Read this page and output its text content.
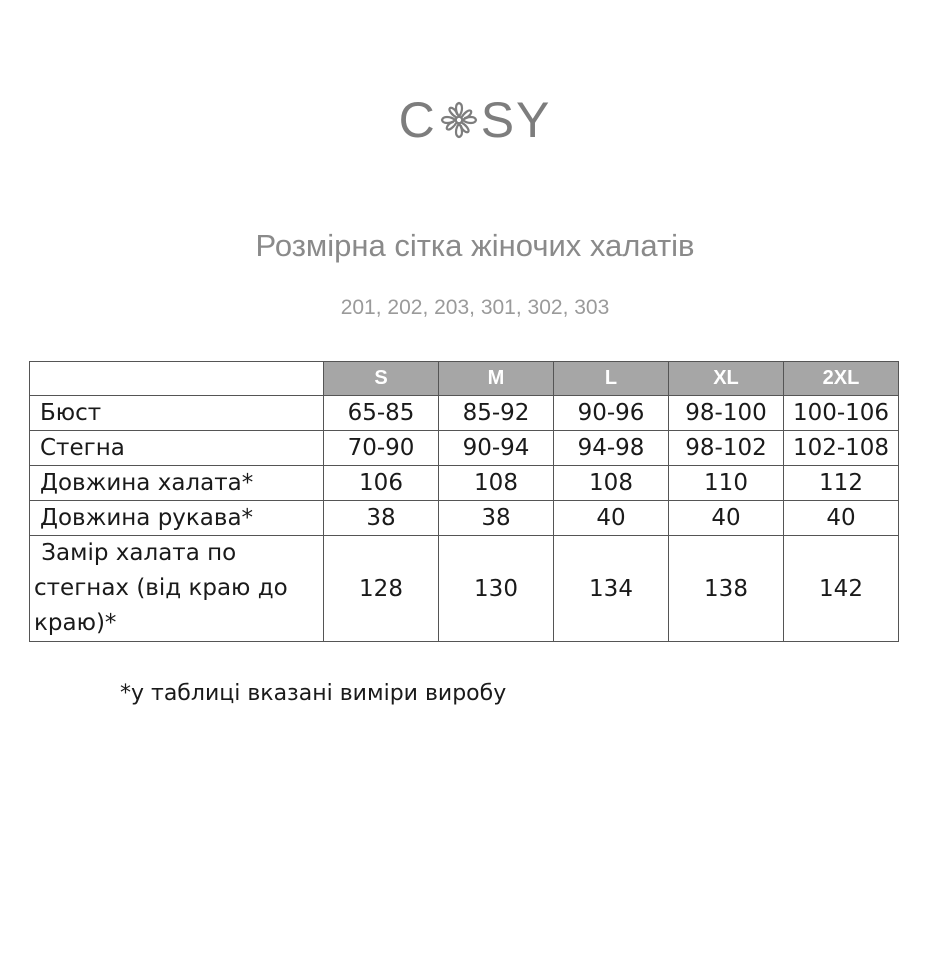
C SY
Розмірна сітка жіночих халатів
201, 202, 203, 301, 302, 303
	S	M	L	XL	2XL
Бюст	65-85	85-92	90-96	98-100	100-106
Стегна	70-90	90-94	94-98	98-102	102-108
Довжина халата*	106	108	108	110	112
Довжина рукава*	38	38	40	40	40

Замір халата по
стегнах (від краю до
краю)*	128	130	134	138	142
*у таблиці вказані виміри виробу
